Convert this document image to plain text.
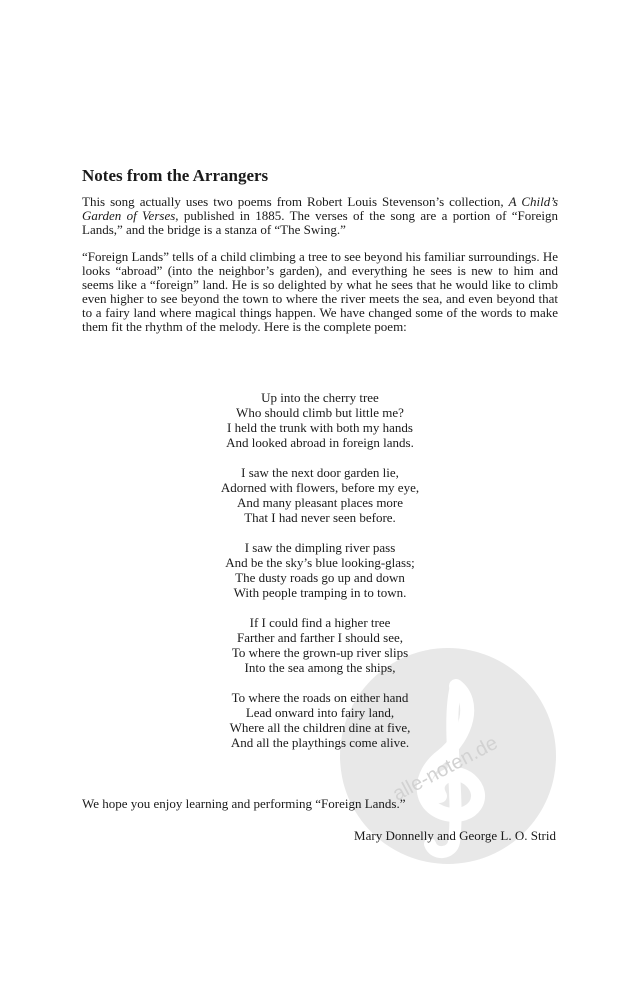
alle-noten.de
Notes from the Arrangers

This song actually uses two poems from Robert Louis Stevenson’s collection, A Child’s Garden of Verses, published in 1885. The verses of the song are a portion of “Foreign Lands,” and the bridge is a stanza of “The Swing.”

“Foreign Lands” tells of a child climbing a tree to see beyond his familiar surroundings. He looks “abroad” (into the neighbor’s garden), and everything he sees is new to him and seems like a “foreign” land. He is so delighted by what he sees that he would like to climb even higher to see beyond the town to where the river meets the sea, and even beyond that to a fairy land where magical things happen. We have changed some of the words to make them fit the rhythm of the melody. Here is the complete poem:

Up into the cherry tree
Who should climb but little me?
I held the trunk with both my hands
And looked abroad in foreign lands.
I saw the next door garden lie,
Adorned with flowers, before my eye,
And many pleasant places more
That I had never seen before.
I saw the dimpling river pass
And be the sky’s blue looking-glass;
The dusty roads go up and down
With people tramping in to town.
If I could find a higher tree
Farther and farther I should see,
To where the grown-up river slips
Into the sea among the ships,
To where the roads on either hand
Lead onward into fairy land,
Where all the children dine at five,
And all the playthings come alive.

We hope you enjoy learning and performing “Foreign Lands.”

Mary Donnelly and George L. O. Strid
